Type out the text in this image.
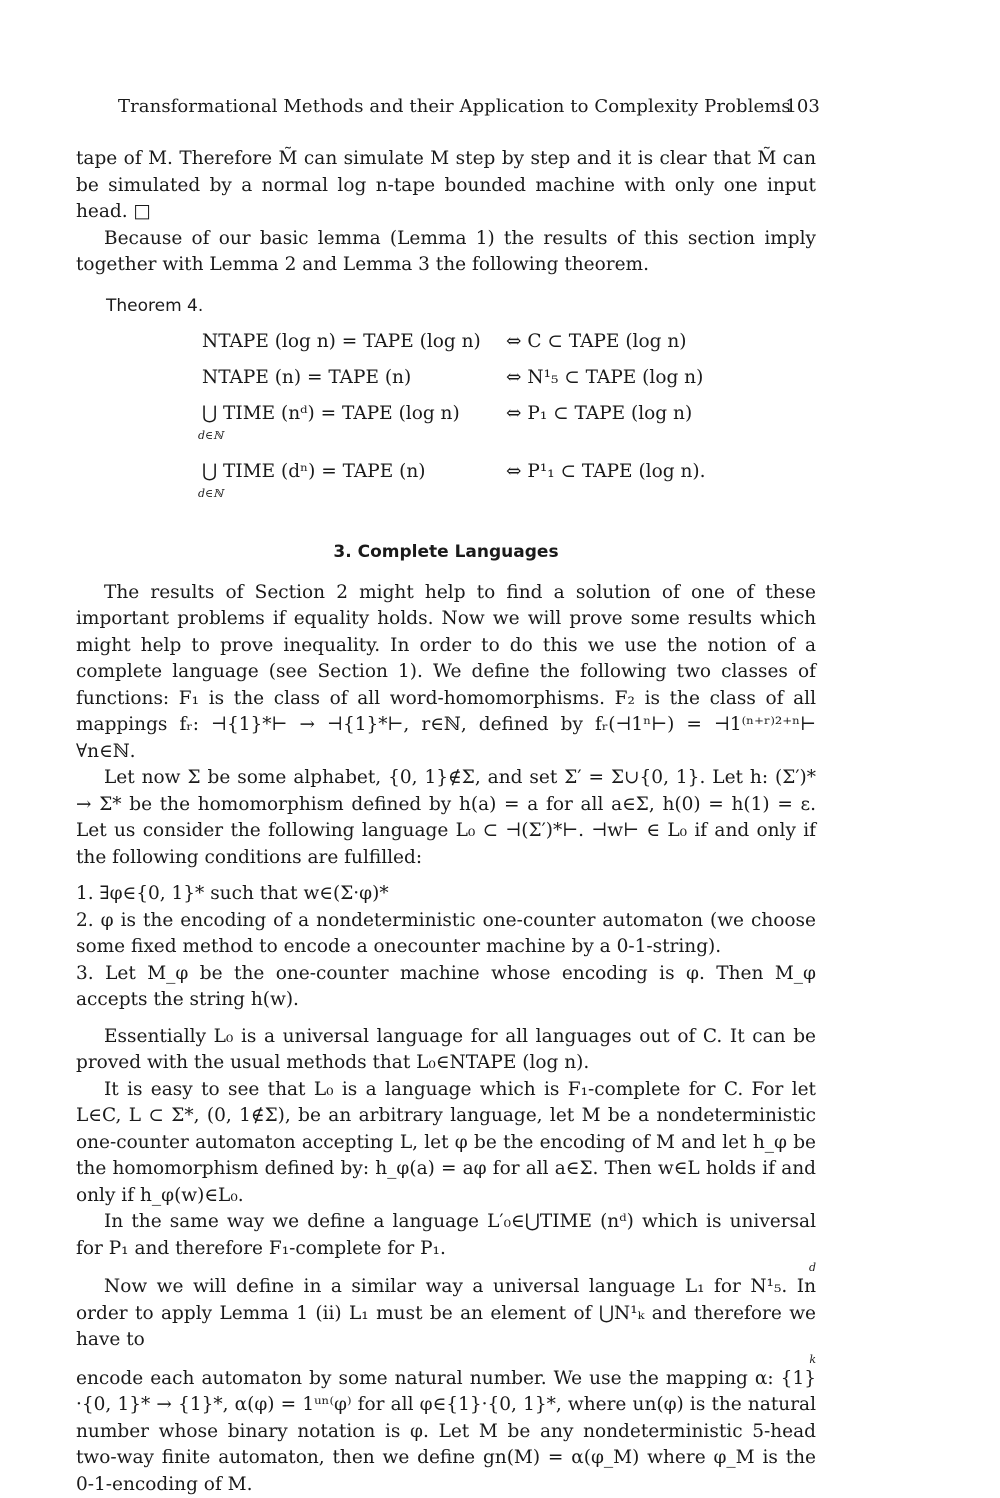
Transformational Methods and their Application to Complexity Problems
103

tape of M. Therefore M̃ can simulate M step by step and it is clear that M̃ can be simulated by a normal log n-tape bounded machine with only one input head. □

Because of our basic lemma (Lemma 1) the results of this section imply together with Lemma 2 and Lemma 3 the following theorem.

Theorem 4.
NTAPE (log n) = TAPE (log n) ⇔ C ⊂ TAPE (log n)
NTAPE (n) = TAPE (n)	⇔ N¹₅ ⊂ TAPE (log n)
⋃ TIME (nᵈ) = TAPE (log n)
d∈ℕ
⇔ P₁ ⊂ TAPE (log n)
⋃ TIME (dⁿ) = TAPE (n)
d∈ℕ
⇔ P¹₁ ⊂ TAPE (log n).
3. Complete Languages

The results of Section 2 might help to find a solution of one of these important problems if equality holds. Now we will prove some results which might help to prove inequality. In order to do this we use the notion of a complete language (see Section 1). We define the following two classes of functions: F₁ is the class of all word-homomorphisms. F₂ is the class of all mappings fᵣ: ⊣{1}*⊢ → ⊣{1}*⊢, r∈ℕ, defined by fᵣ(⊣1ⁿ⊢) = ⊣1⁽ⁿ⁺ʳ⁾²⁺ⁿ⊢ ∀n∈ℕ.

Let now Σ be some alphabet, {0, 1}∉Σ, and set Σ′ = Σ∪{0, 1}. Let h: (Σ′)* → Σ* be the homomorphism defined by h(a) = a for all a∈Σ, h(0) = h(1) = ε. Let us consider the following language L₀ ⊂ ⊣(Σ′)*⊢. ⊣w⊢ ∈ L₀ if and only if the following conditions are fulfilled:

1. ∃φ∈{0, 1}* such that w∈(Σ·φ)*

2. φ is the encoding of a nondeterministic one-counter automaton (we choose some fixed method to encode a onecounter machine by a 0-1-string).

3. Let M_φ be the one-counter machine whose encoding is φ. Then M_φ accepts the string h(w).

Essentially L₀ is a universal language for all languages out of C. It can be proved with the usual methods that L₀∈NTAPE (log n).

It is easy to see that L₀ is a language which is F₁-complete for C. For let L∈C, L ⊂ Σ*, (0, 1∉Σ), be an arbitrary language, let M be a nondeterministic one-counter automaton accepting L, let φ be the encoding of M and let h_φ be the homomorphism defined by: h_φ(a) = aφ for all a∈Σ. Then w∈L holds if and only if h_φ(w)∈L₀.

In the same way we define a language L′₀∈⋃TIME (nᵈ) which is universal for P₁ and therefore F₁-complete for P₁.
d

Now we will define in a similar way a universal language L₁ for N¹₅. In order to apply Lemma 1 (ii) L₁ must be an element of ⋃N¹ₖ and therefore we have to
k

encode each automaton by some natural number. We use the mapping α: {1}·{0, 1}* → {1}*, α(φ) = 1ᵘⁿ⁽φ⁾ for all φ∈{1}·{0, 1}*, where un(φ) is the natural number whose binary notation is φ. Let M be any nondeterministic 5-head two-way finite automaton, then we define gn(M) = α(φ_M) where φ_M is the 0-1-encoding of M.
